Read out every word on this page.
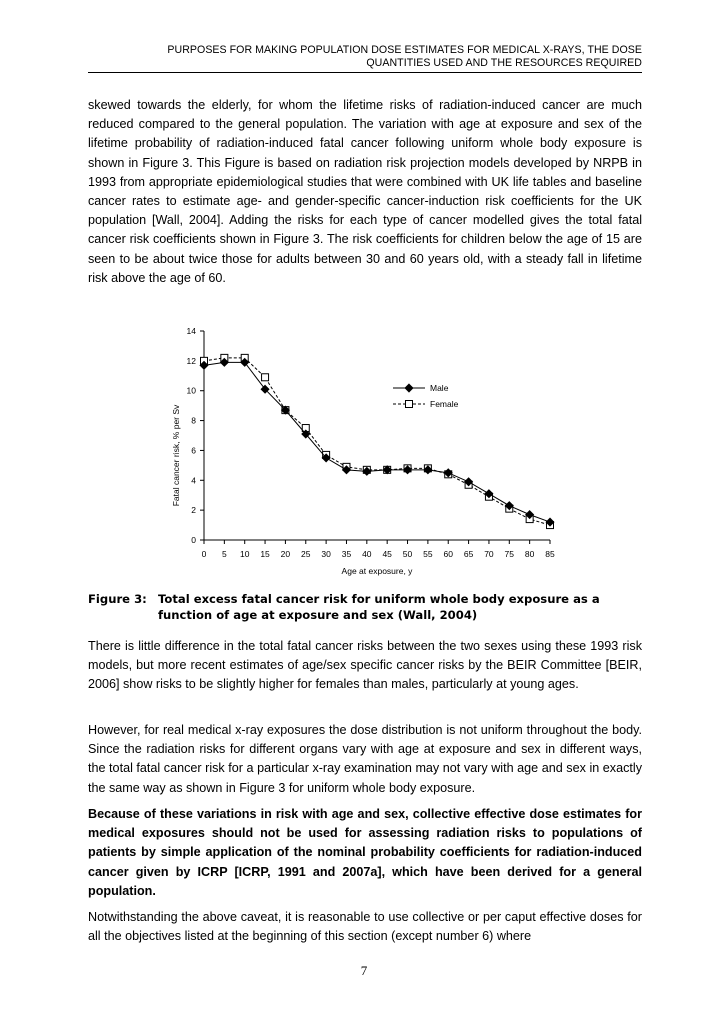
PURPOSES FOR MAKING POPULATION DOSE ESTIMATES FOR MEDICAL X-RAYS, THE DOSE
QUANTITIES USED AND THE RESOURCES REQUIRED

skewed towards the elderly, for whom the lifetime risks of radiation-induced cancer are much reduced compared to the general population. The variation with age at exposure and sex of the lifetime probability of radiation-induced fatal cancer following uniform whole body exposure is shown in Figure 3. This Figure is based on radiation risk projection models developed by NRPB in 1993 from appropriate epidemiological studies that were combined with UK life tables and baseline cancer rates to estimate age- and gender-specific cancer-induction risk coefficients for the UK population [Wall, 2004]. Adding the risks for each type of cancer modelled gives the total fatal cancer risk coefficients shown in Figure 3. The risk coefficients for children below the age of 15 are seen to be about twice those for adults between 30 and 60 years old, with a steady fall in lifetime risk above the age of 60.

0
2
4
6
8
10
12
14
0 5 10 15 20 25 30 35 40 45 50 55 60 65 70 75 80 85
Age at exposure, y
Fatal cancer risk, % per Sv
Male
Female
Figure 3: Total excess fatal cancer risk for uniform whole body exposure as a function of age at exposure and sex (Wall, 2004)

There is little difference in the total fatal cancer risks between the two sexes using these 1993 risk models, but more recent estimates of age/sex specific cancer risks by the BEIR Committee [BEIR, 2006] show risks to be slightly higher for females than males, particularly at young ages.

However, for real medical x-ray exposures the dose distribution is not uniform throughout the body. Since the radiation risks for different organs vary with age at exposure and sex in different ways, the total fatal cancer risk for a particular x-ray examination may not vary with age and sex in exactly the same way as shown in Figure 3 for uniform whole body exposure.

Because of these variations in risk with age and sex, collective effective dose estimates for medical exposures should not be used for assessing radiation risks to populations of patients by simple application of the nominal probability coefficients for radiation-induced cancer given by ICRP [ICRP, 1991 and 2007a], which have been derived for a general population.

Notwithstanding the above caveat, it is reasonable to use collective or per caput effective doses for all the objectives listed at the beginning of this section (except number 6) where

7
